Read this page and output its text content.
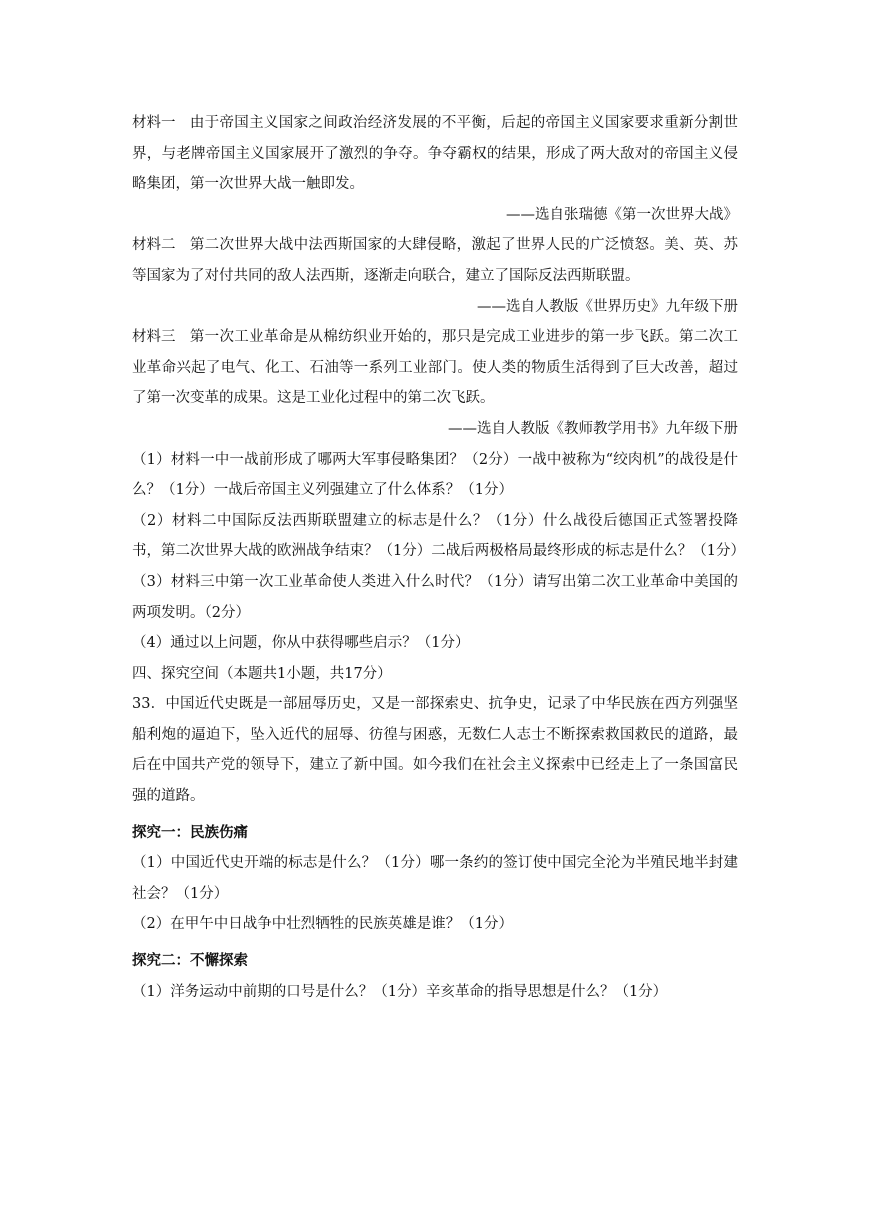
材料一 由于帝国主义国家之间政治经济发展的不平衡，后起的帝国主义国家要求重新分割世界，与老牌帝国主义国家展开了激烈的争夺。争夺霸权的结果，形成了两大敌对的帝国主义侵略集团，第一次世界大战一触即发。

——选自张瑞德《第一次世界大战》

材料二 第二次世界大战中法西斯国家的大肆侵略，激起了世界人民的广泛愤怒。美、英、苏等国家为了对付共同的敌人法西斯，逐渐走向联合，建立了国际反法西斯联盟。

——选自人教版《世界历史》九年级下册

材料三 第一次工业革命是从棉纺织业开始的，那只是完成工业进步的第一步飞跃。第二次工业革命兴起了电气、化工、石油等一系列工业部门。使人类的物质生活得到了巨大改善，超过了第一次变革的成果。这是工业化过程中的第二次飞跃。

——选自人教版《教师教学用书》九年级下册

（1）材料一中一战前形成了哪两大军事侵略集团？（2分）一战中被称为“绞肉机”的战役是什么？（1分）一战后帝国主义列强建立了什么体系？（1分）

（2）材料二中国际反法西斯联盟建立的标志是什么？（1分）什么战役后德国正式签署投降书，第二次世界大战的欧洲战争结束？（1分）二战后两极格局最终形成的标志是什么？（1分）

（3）材料三中第一次工业革命使人类进入什么时代？（1分）请写出第二次工业革命中美国的两项发明。（2分）

（4）通过以上问题，你从中获得哪些启示？（1分）

四、探究空间（本题共1小题，共17分）

33．中国近代史既是一部屈辱历史，又是一部探索史、抗争史，记录了中华民族在西方列强坚船利炮的逼迫下，坠入近代的屈辱、彷徨与困惑，无数仁人志士不断探索救国救民的道路，最后在中国共产党的领导下，建立了新中国。如今我们在社会主义探索中已经走上了一条国富民强的道路。

探究一：民族伤痛

（1）中国近代史开端的标志是什么？（1分）哪一条约的签订使中国完全沦为半殖民地半封建社会？（1分）

（2）在甲午中日战争中壮烈牺牲的民族英雄是谁？（1分）

探究二：不懈探索

（1）洋务运动中前期的口号是什么？（1分）辛亥革命的指导思想是什么？（1分）
